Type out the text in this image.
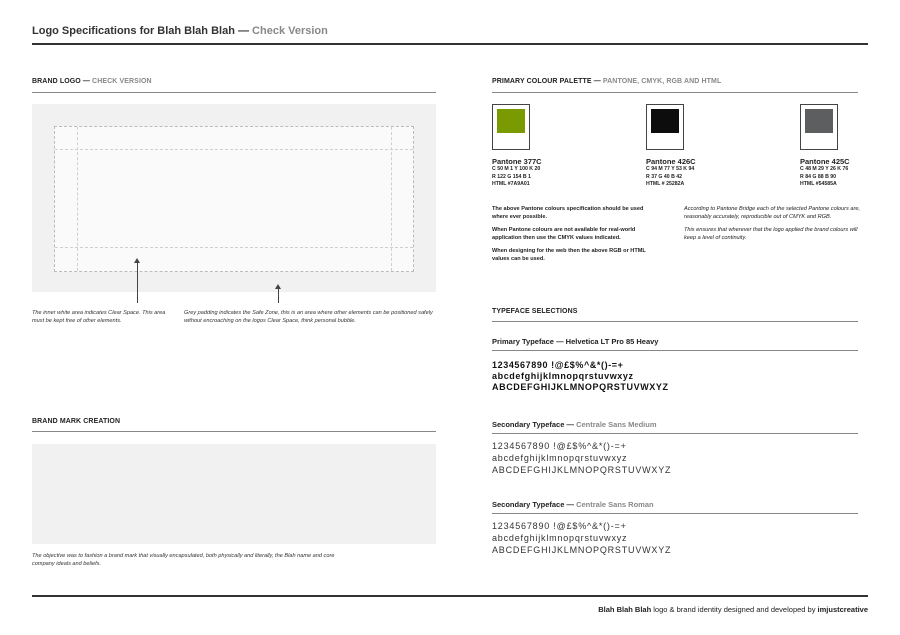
Logo Specifications for Blah Blah Blah — Check Version
BRAND LOGO — CHECK VERSION
The inner white area indicates Clear Space. This area must be kept free of other elements.
Grey padding indicates the Safe Zone, this is an area where other elements can be positioned safely without encroaching on the logos Clear Space, think personal bubble.
BRAND MARK CREATION
The objective was to fashion a brand mark that visually encapsulated, both physically and literally, the Blah name and core company ideals and beliefs.
PRIMARY COLOUR PALETTE — PANTONE, CMYK, RGB AND HTML
Pantone 377C
C 50 M 1 Y 100 K 20
R 122 G 154 B 1
HTML #7A9A01
Pantone 426C
C 94 M 77 Y 53 K 94
R 37 G 40 B 42
HTML # 25282A
Pantone 425C
C 48 M 29 Y 26 K 76
R 84 G 88 B 90
HTML #54585A

The above Pantone colours specification should be used where ever possible.

When Pantone colours are not available for real-world application then use the CMYK values indicated.

When designing for the web then the above RGB or HTML values can be used.

According to Pantone Bridge each of the selected Pantone colours are, reasonably accurately, reproducible out of CMYK and RGB.

This ensures that wherever that the logo applied the brand colours will keep a level of continuity.

TYPEFACE SELECTIONS
Primary Typeface — Helvetica LT Pro 85 Heavy
1234567890 !@£$%^&*()-=+
abcdefghijklmnopqrstuvwxyz
ABCDEFGHIJKLMNOPQRSTUVWXYZ
Secondary Typeface — Centrale Sans Medium
1234567890 !@£$%^&*()-=+
abcdefghijklmnopqrstuvwxyz
ABCDEFGHIJKLMNOPQRSTUVWXYZ
Secondary Typeface — Centrale Sans Roman
1234567890 !@£$%^&*()-=+
abcdefghijklmnopqrstuvwxyz
ABCDEFGHIJKLMNOPQRSTUVWXYZ
Blah Blah Blah logo & brand identity designed and developed by imjustcreative
